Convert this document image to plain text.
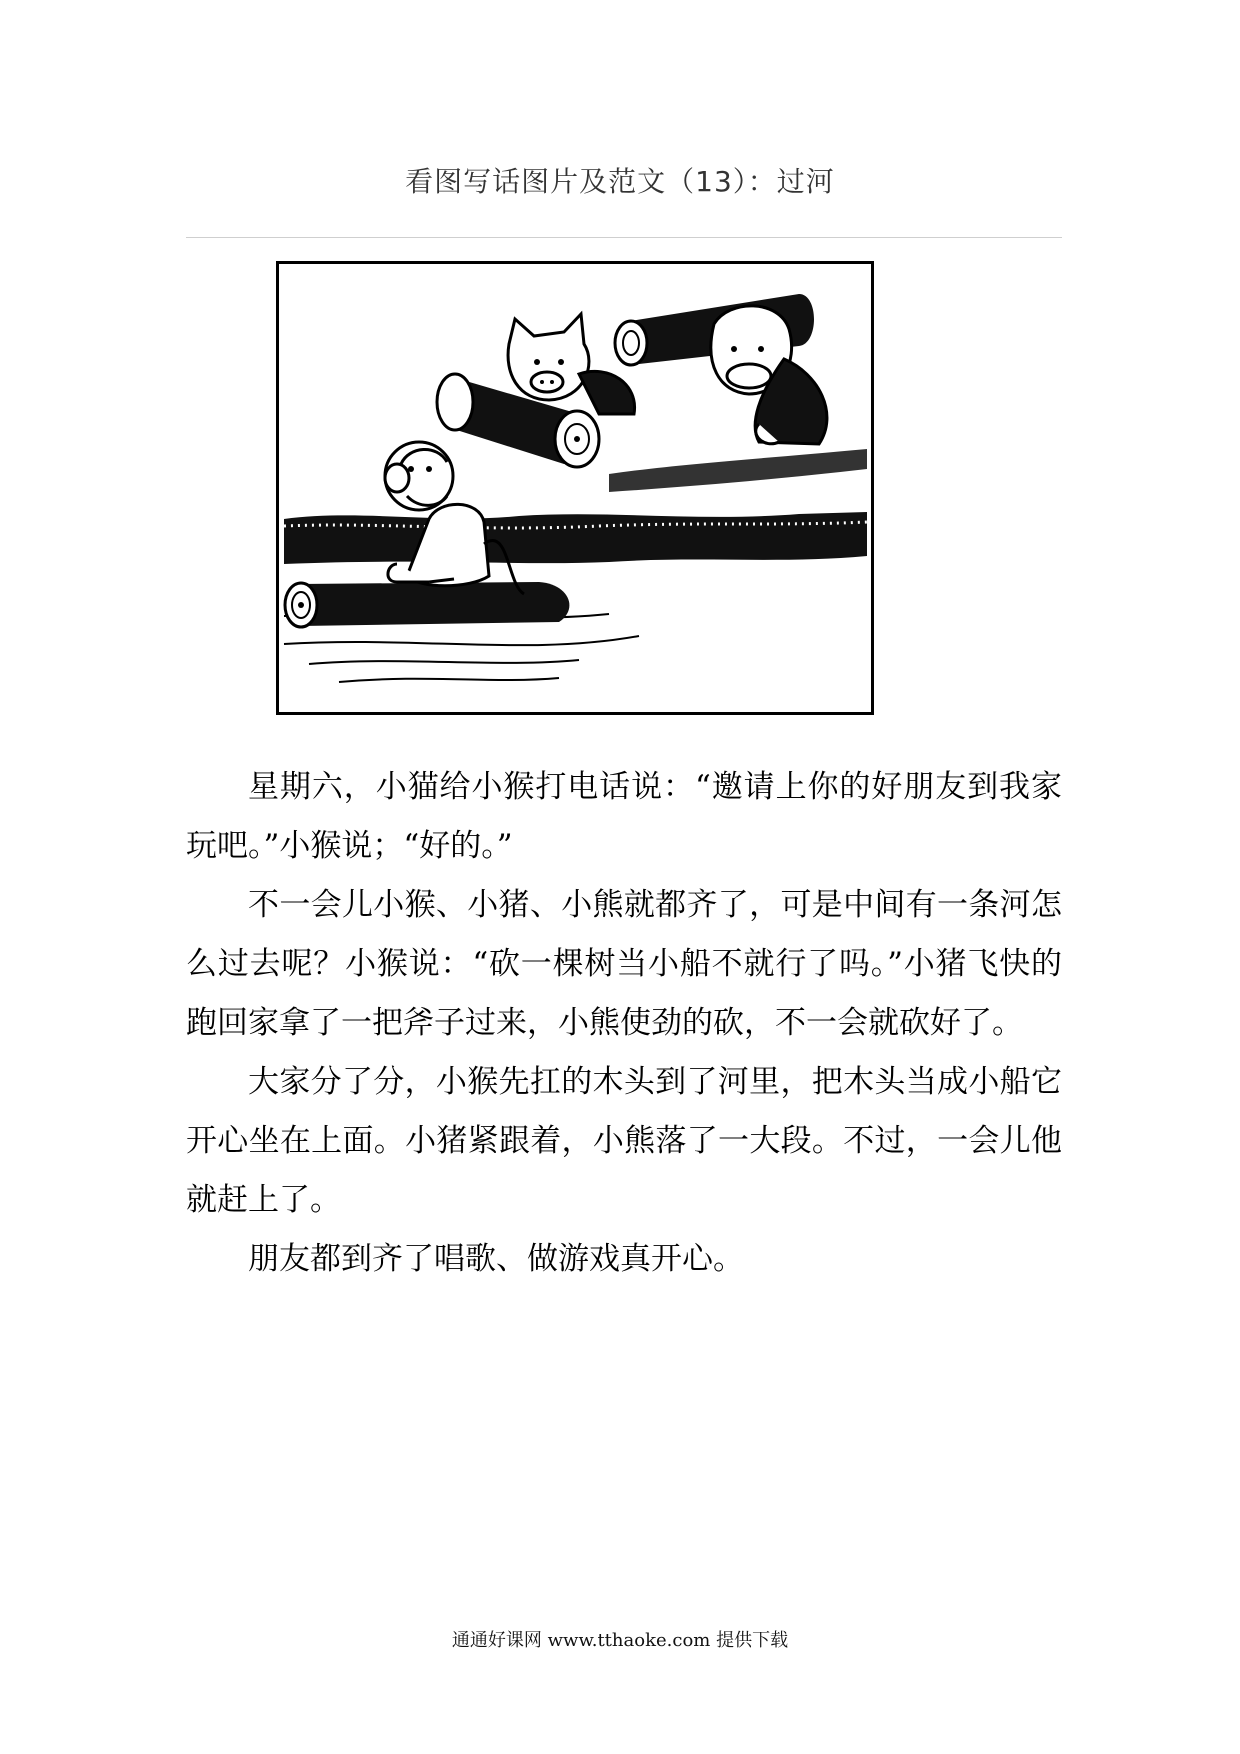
看图写话图片及范文（13）：过河

星期六，小猫给小猴打电话说：“邀请上你的好朋友到我家玩吧。”小猴说；“好的。”

不一会儿小猴、小猪、小熊就都齐了，可是中间有一条河怎么过去呢？小猴说：“砍一棵树当小船不就行了吗。”小猪飞快的跑回家拿了一把斧子过来，小熊使劲的砍，不一会就砍好了。

大家分了分，小猴先扛的木头到了河里，把木头当成小船它开心坐在上面。小猪紧跟着，小熊落了一大段。不过，一会儿他就赶上了。

朋友都到齐了唱歌、做游戏真开心。

通通好课网 www.tthaoke.com 提供下载
